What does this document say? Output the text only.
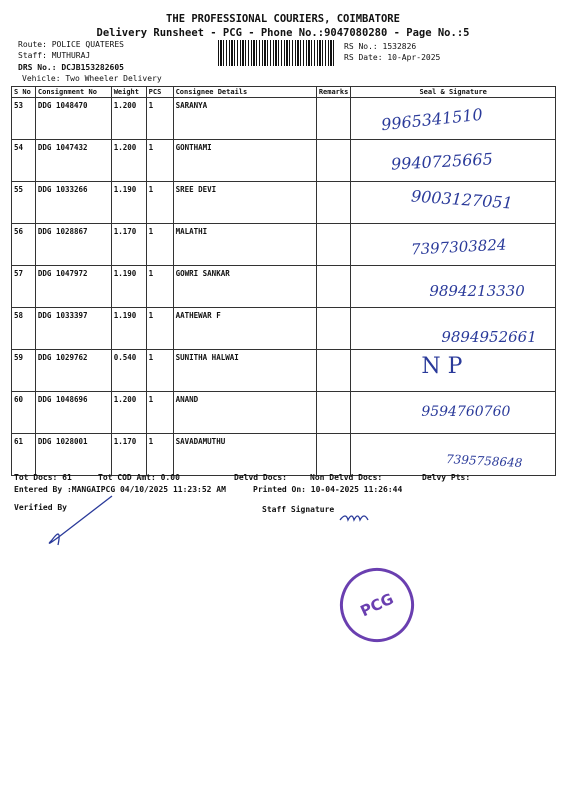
THE PROFESSIONAL COURIERS, COIMBATORE
Delivery Runsheet - PCG - Phone No.:9047080280 - Page No.:5
Route: POLICE QUATERES
Staff: MUTHURAJ
DRS No.: DCJB153282605
Vehicle: Two Wheeler Delivery
RS No.: 1532826
RS Date: 10-Apr-2025
S No	Consignment No	Weight	PCS	Consignee Details	Remarks	Seal & Signature
53	DDG 1048470	1.200	1	SARANYA		9965341510

54	DDG 1047432	1.200	1	GONTHAMI		9940725665

55	DDG 1033266	1.190	1	SREE DEVI		9003127051

56	DDG 1028867	1.170	1	MALATHI		7397303824

57	DDG 1047972	1.190	1	GOWRI SANKAR		9894213330

58	DDG 1033397	1.190	1	AATHEWAR F		9894952661

59	DDG 1029762	0.540	1	SUNITHA HALWAI		N P

60	DDG 1048696	1.200	1	ANAND		9594760760

61	DDG 1028001	1.170	1	SAVADAMUTHU		7395758648
Tot Docs: 61	Tot COD Amt: 0.00	Delvd Docs:	Non Delvd Docs:	Delvy Pts:
Entered By :MANGAIPCG 04/10/2025 11:23:52 AM	Printed On: 10-04-2025 11:26:44
Verified By	Staff Signature
PCG
